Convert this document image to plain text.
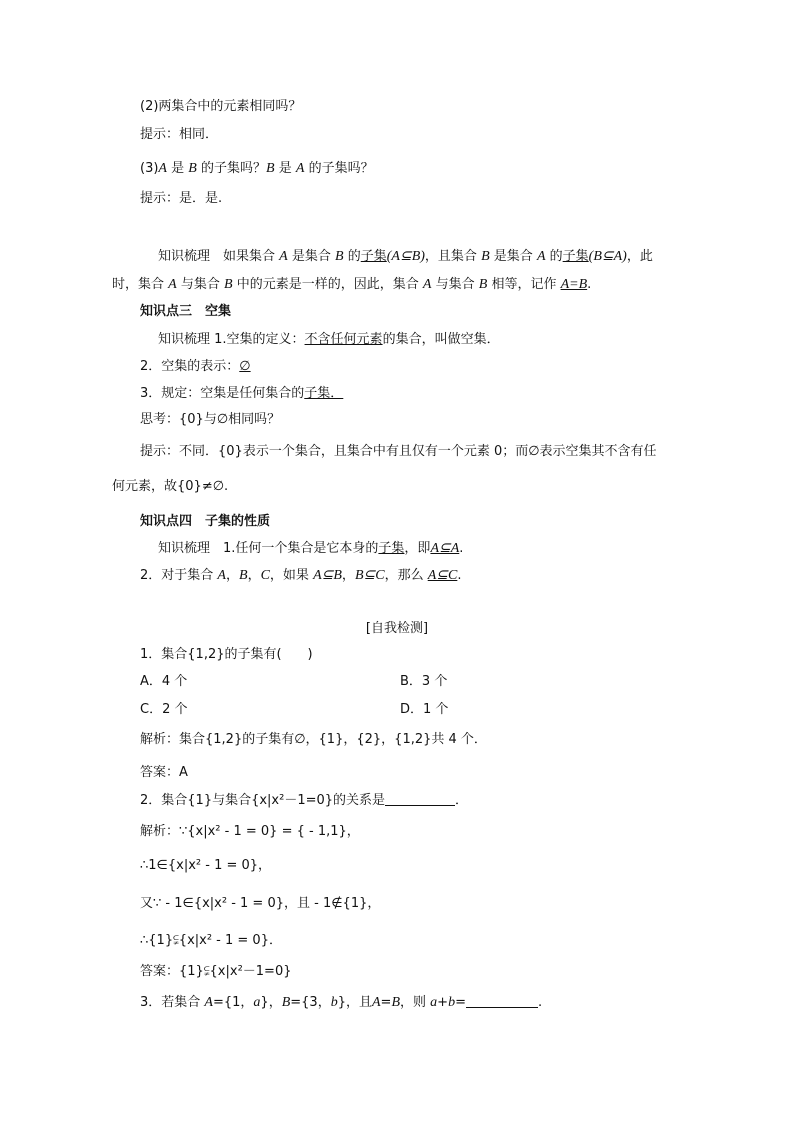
(2)两集合中的元素相同吗？
提示：相同．
(3)A 是 B 的子集吗？B 是 A 的子集吗？
提示：是．是.
知识梳理　如果集合 A 是集合 B 的子集(A⊆B)，且集合 B 是集合 A 的子集(B⊆A)，此
时，集合 A 与集合 B 中的元素是一样的，因此，集合 A 与集合 B 相等，记作 A=B.
知识点三　空集
知识梳理 1.空集的定义：不含任何元素的集合，叫做空集．
2．空集的表示：∅
3．规定：空集是任何集合的子集．
思考：{0}与∅相同吗？
提示：不同．{0}表示一个集合，且集合中有且仅有一个元素 0；而∅表示空集其不含有任
何元素，故{0}≠∅.
知识点四　子集的性质
知识梳理　1.任何一个集合是它本身的子集，即A⊆A.
2．对于集合 A，B，C，如果 A⊆B，B⊆C，那么 A⊆C.
[自我检测]
1．集合{1,2}的子集有(　　)
A．4 个	B．3 个
C．2 个	D．1 个
解析：集合{1,2}的子集有∅，{1}，{2}，{1,2}共 4 个．
答案：A
2．集合{1}与集合{x|x²－1=0}的关系是	．
解析：∵{x|x² - 1 = 0} = { - 1,1}，
∴1∈{x|x² - 1 = 0}，
又∵ - 1∈{x|x² - 1 = 0}，且 - 1∉{1}，
∴{1}⫋{x|x² - 1 = 0}．
答案：{1}⫋{x|x²－1=0}
3．若集合 A={1，a}，B={3，b}，且A=B，则 a+b=	.
